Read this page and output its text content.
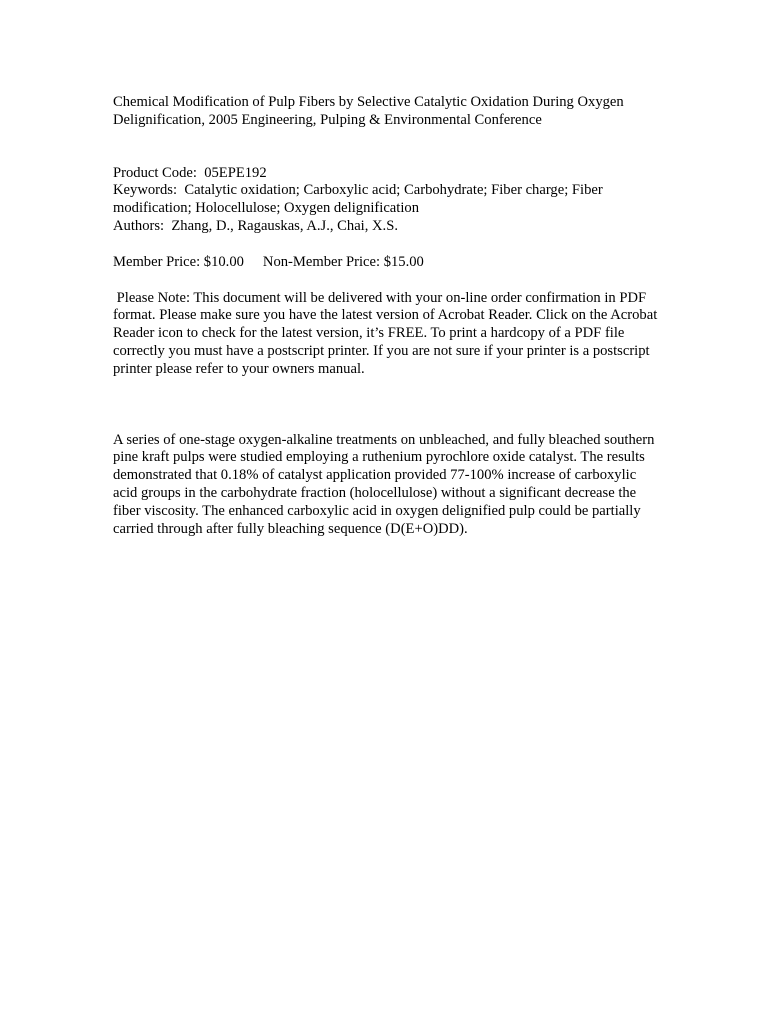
Chemical Modification of Pulp Fibers by Selective Catalytic Oxidation During Oxygen Delignification, 2005 Engineering, Pulping & Environmental Conference

Product Code:  05EPE192

Keywords:  Catalytic oxidation; Carboxylic acid; Carbohydrate; Fiber charge; Fiber modification; Holocellulose; Oxygen delignification

Authors:  Zhang, D., Ragauskas, A.J., Chai, X.S.

Member Price: $10.00 Non-Member Price: $15.00

Please Note: This document will be delivered with your on-line order confirmation in PDF format. Please make sure you have the latest version of Acrobat Reader. Click on the Acrobat Reader icon to check for the latest version, it’s FREE. To print a hardcopy of a PDF file correctly you must have a postscript printer. If you are not sure if your printer is a postscript printer please refer to your owners manual.

A series of one-stage oxygen-alkaline treatments on unbleached, and fully bleached southern pine kraft pulps were studied employing a ruthenium pyrochlore oxide catalyst. The results demonstrated that 0.18% of catalyst application provided 77-100% increase of carboxylic acid groups in the carbohydrate fraction (holocellulose) without a significant decrease the fiber viscosity. The enhanced carboxylic acid in oxygen delignified pulp could be partially carried through after fully bleaching sequence (D(E+O)DD).
